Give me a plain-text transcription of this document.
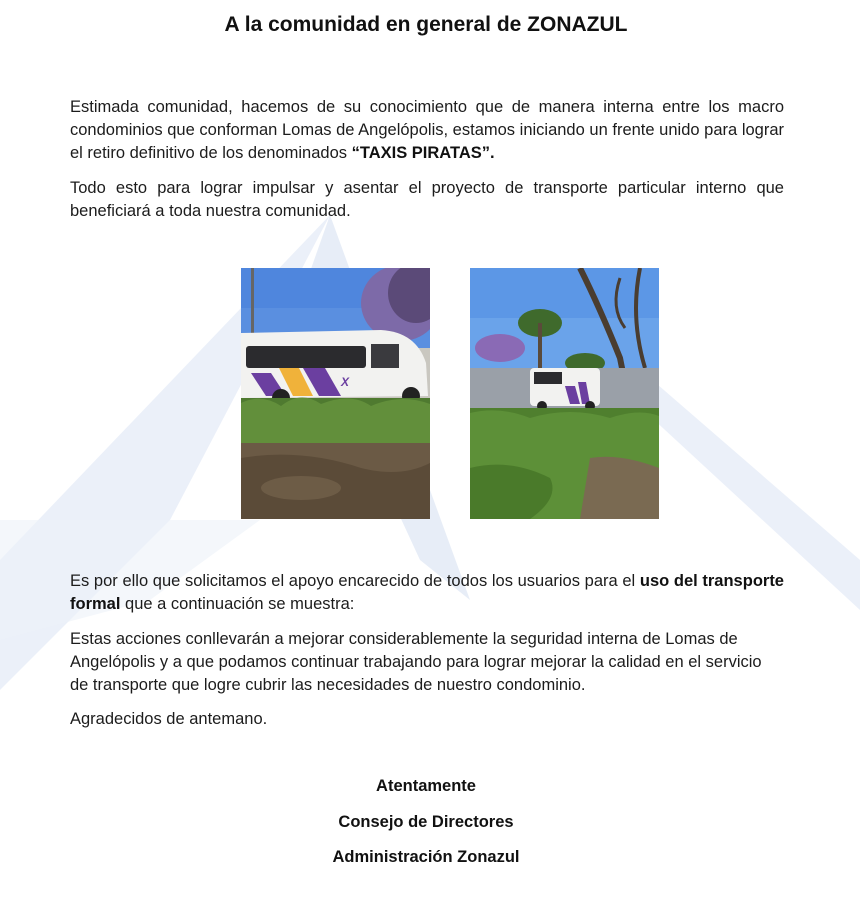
A la comunidad en general de ZONAZUL
Estimada comunidad, hacemos de su conocimiento que de manera interna entre los macro condominios que conforman Lomas de Angelópolis, estamos iniciando un frente unido para lograr el retiro definitivo de los denominados “TAXIS PIRATAS”.
Todo esto para lograr impulsar y asentar el proyecto de transporte particular interno que beneficiará a toda nuestra comunidad.
X
Es por ello que solicitamos el apoyo encarecido de todos los usuarios para el uso del transporte formal que a continuación se muestra:
Estas acciones conllevarán a mejorar considerablemente la seguridad interna de Lomas de Angelópolis y a que podamos continuar trabajando para lograr mejorar la calidad en el servicio de transporte que logre cubrir las necesidades de nuestro condominio.
Agradecidos de antemano.
Atentamente
Consejo de Directores
Administración Zonazul
